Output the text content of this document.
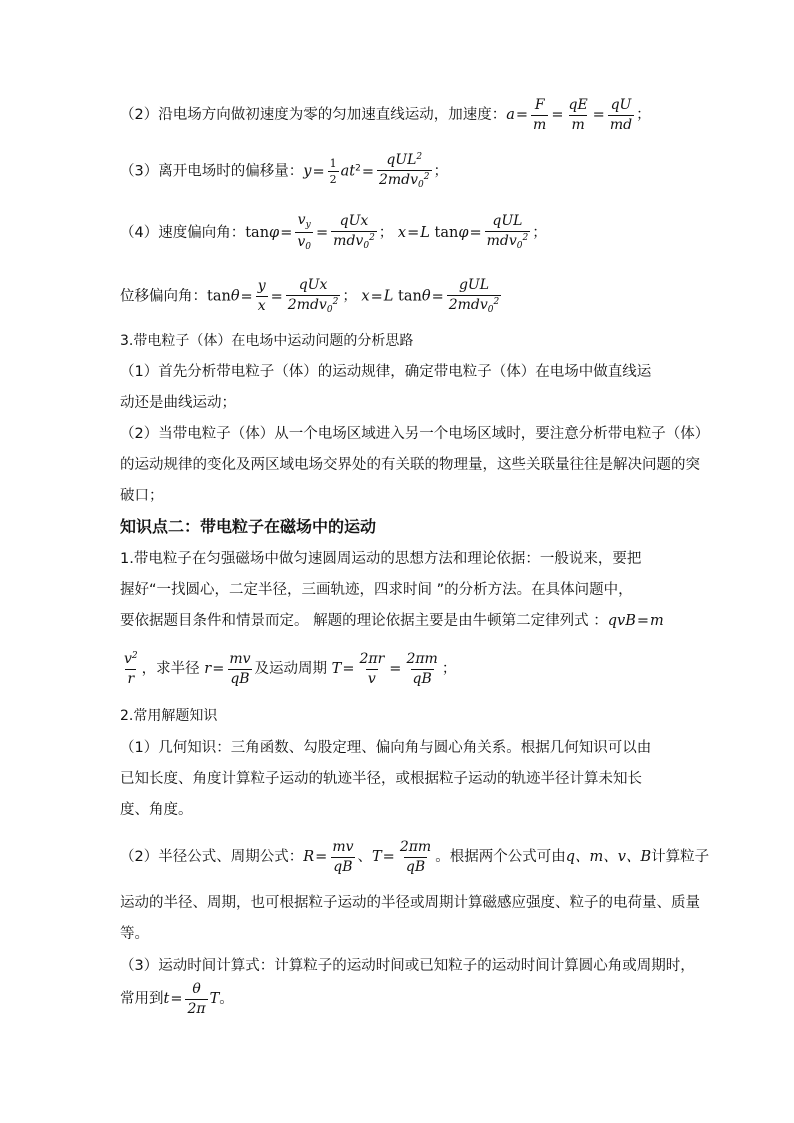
（2）沿电场方向做初速度为零的匀加速直线运动，加速度：$a= \frac{F}{m} = \frac{qE}{m} = \frac{qU}{md}$ ；
（3）离开电场时的偏移量：$y= \frac{1}{2} at^2= \frac{qUL^2}{2mdv_0^2}$ ；
（4）速度偏向角：$\tan\varphi= \frac{v_y}{v_0} = \frac{\text{qUx}}{mdv_0^2}$ ； x=L $\tan\varphi= \frac{\text{qUL}}{mdv_0^2}$ ；
位移偏向角：$\tan\theta= \frac{y}{x} = \frac{\text{qUx}}{2mdv_0^2}$ ； x=L $\tan\theta= \frac{\text{gUL}}{2mdv_0^2}$
3.带电粒子（体）在电场中运动问题的分析思路
（1）首先分析带电粒子（体）的运动规律，确定带电粒子（体）在电场中做直线运
动还是曲线运动；
（2）当带电粒子（体）从一个电场区域进入另一个电场区域时，要注意分析带电粒子（体）
的运动规律的变化及两区域电场交界处的有关联的物理量，这些关联量往往是解决问题的突
破口；
知识点二：带电粒子在磁场中的运动
1.带电粒子在匀强磁场中做匀速圆周运动的思想方法和理论依据：一般说来，要把
握好“一找圆心，二定半径，三画轨迹，四求时间 ”的分析方法。在具体问题中，
要依据题目条件和情景而定。 解题的理论依据主要是由牛顿第二定律列式 ：qvB=m
$\frac{v^2}{r}$ ，求半径 $r= \frac{mv}{qB}$ 及运动周期 $T= \frac{2\pi r}{v} = \frac{2\pi m}{qB}$ ；
2.常用解题知识
（1）几何知识：三角函数、勾股定理、偏向角与圆心角关系。根据几何知识可以由
已知长度、角度计算粒子运动的轨迹半径，或根据粒子运动的轨迹半径计算未知长
度、角度。
（2）半径公式、周期公式：$R= \frac{mv}{qB}$ 、$T= \frac{2\pi m}{qB}$ 。根据两个公式可由q、m、v、B计算粒子
运动的半径、周期，也可根据粒子运动的半径或周期计算磁感应强度、粒子的电荷量、质量
等。
（3）运动时间计算式：计算粒子的运动时间或已知粒子的运动时间计算圆心角或周期时，
常用到$t= \frac{\theta}{2\pi}$ T。
